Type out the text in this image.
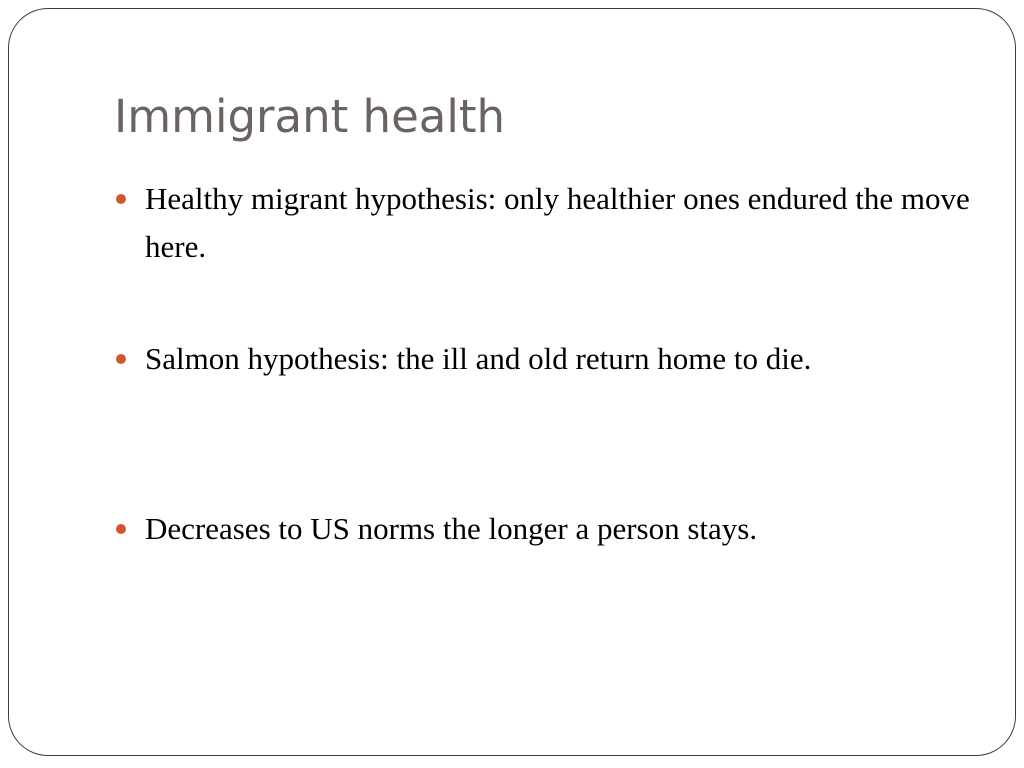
Immigrant health

Healthy migrant hypothesis: only healthier ones endured the move here.

Salmon hypothesis: the ill and old return home to die.

Decreases to US norms the longer a person stays.
